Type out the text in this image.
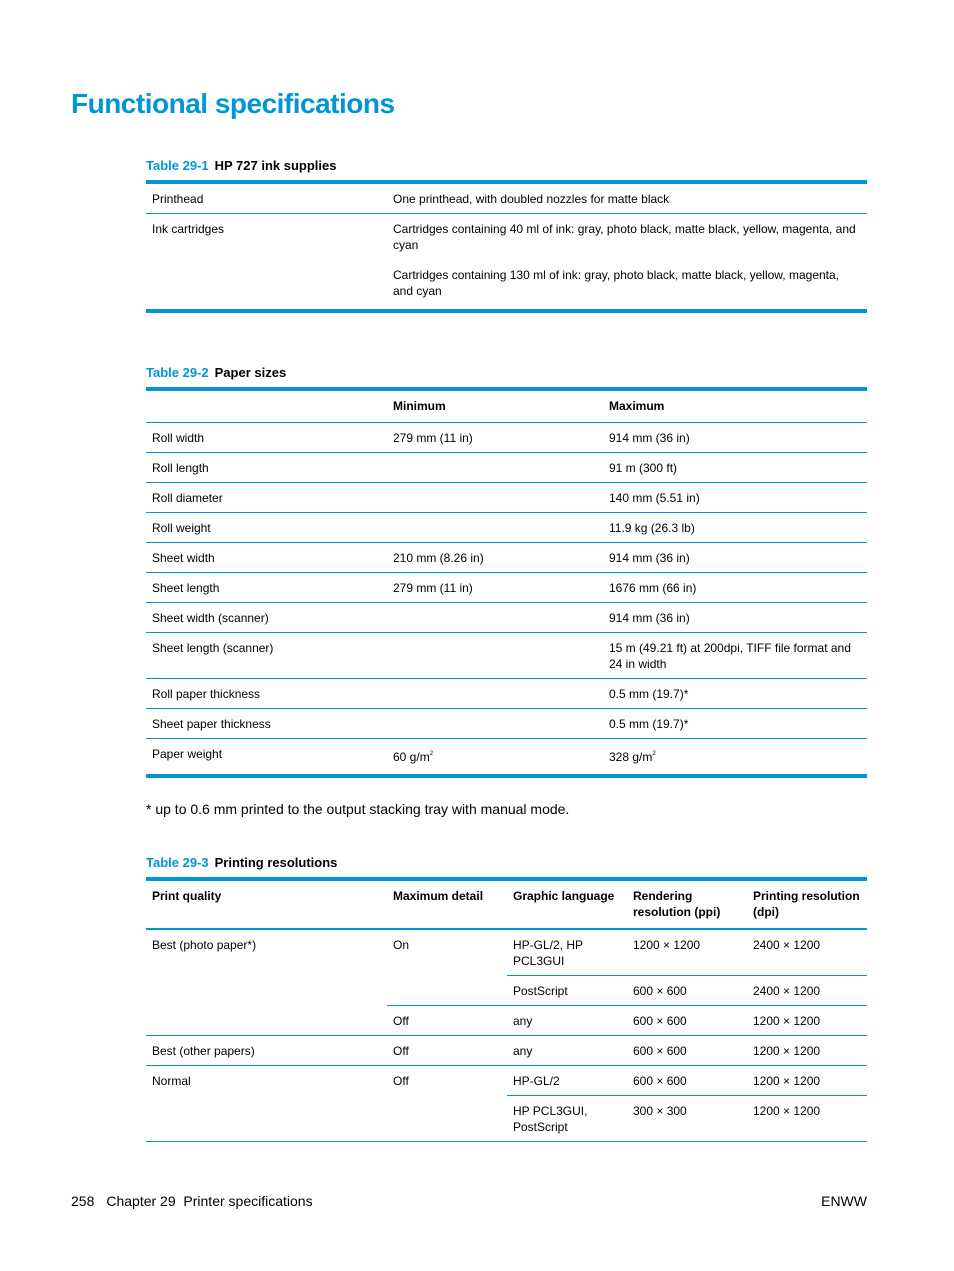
Functional specifications
Table 29-1 HP 727 ink supplies
Printhead	One printhead, with doubled nozzles for matte black
Ink cartridges	Cartridges containing 40 ml of ink: gray, photo black, matte black, yellow, magenta, and cyan
Cartridges containing 130 ml of ink: gray, photo black, matte black, yellow, magenta, and cyan
Table 29-2 Paper sizes
	Minimum	Maximum
Roll width	279 mm (11 in)	914 mm (36 in)
Roll length		91 m (300 ft)
Roll diameter		140 mm (5.51 in)
Roll weight		11.9 kg (26.3 lb)
Sheet width	210 mm (8.26 in)	914 mm (36 in)
Sheet length	279 mm (11 in)	1676 mm (66 in)
Sheet width (scanner)		914 mm (36 in)
Sheet length (scanner)		15 m (49.21 ft) at 200dpi, TIFF file format and 24 in width
Roll paper thickness		0.5 mm (19.7)*
Sheet paper thickness		0.5 mm (19.7)*
Paper weight	60 $g/m^2$	328 $g/m^2$
* up to 0.6 mm printed to the output stacking tray with manual mode.
Table 29-3 Printing resolutions
Print quality	Maximum detail	Graphic language	Rendering resolution (ppi)	Printing resolution (dpi)
Best (photo paper*)	On	HP-GL/2, HP PCL3GUI	1200 × 1200	2400 × 1200
		PostScript	600 × 600	2400 × 1200
	Off	any	600 × 600	1200 × 1200
Best (other papers)	Off	any	600 × 600	1200 × 1200
Normal	Off	HP-GL/2	600 × 600	1200 × 1200
		HP PCL3GUI, PostScript	300 × 300	1200 × 1200
258 Chapter 29  Printer specifications	ENWW
